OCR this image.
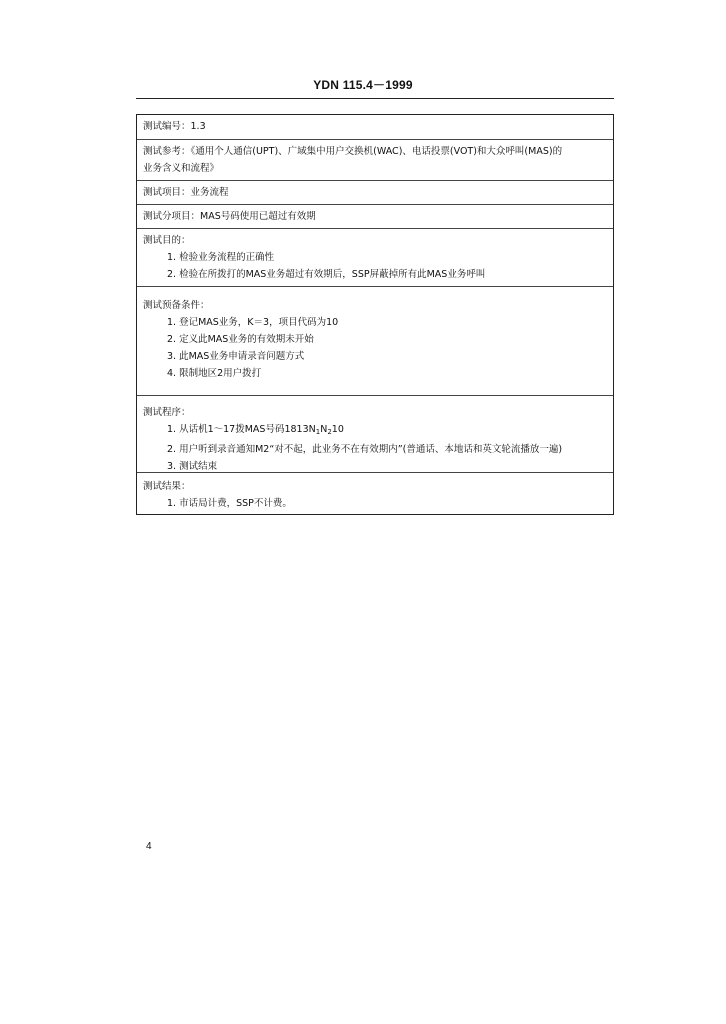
YDN 115.4－1999
测试编号：1.3
测试参考：《通用个人通信(UPT)、广域集中用户交换机(WAC)、电话投票(VOT)和大众呼叫(MAS)的
业务含义和流程》
测试项目：业务流程
测试分项目：MAS号码使用已超过有效期
测试目的：
1. 检验业务流程的正确性
2. 检验在所拨打的MAS业务超过有效期后，SSP屏蔽掉所有此MAS业务呼叫
测试预备条件：
1. 登记MAS业务，K＝3，项目代码为10
2. 定义此MAS业务的有效期未开始
3. 此MAS业务申请录音问题方式
4. 限制地区2用户拨打
测试程序：
1. 从话机1～17拨MAS号码$1813N_1N_210$
2. 用户听到录音通知M2“对不起，此业务不在有效期内”(普通话、本地话和英文轮流播放一遍)
3. 测试结束
测试结果：
1. 市话局计费，SSP不计费。
4
